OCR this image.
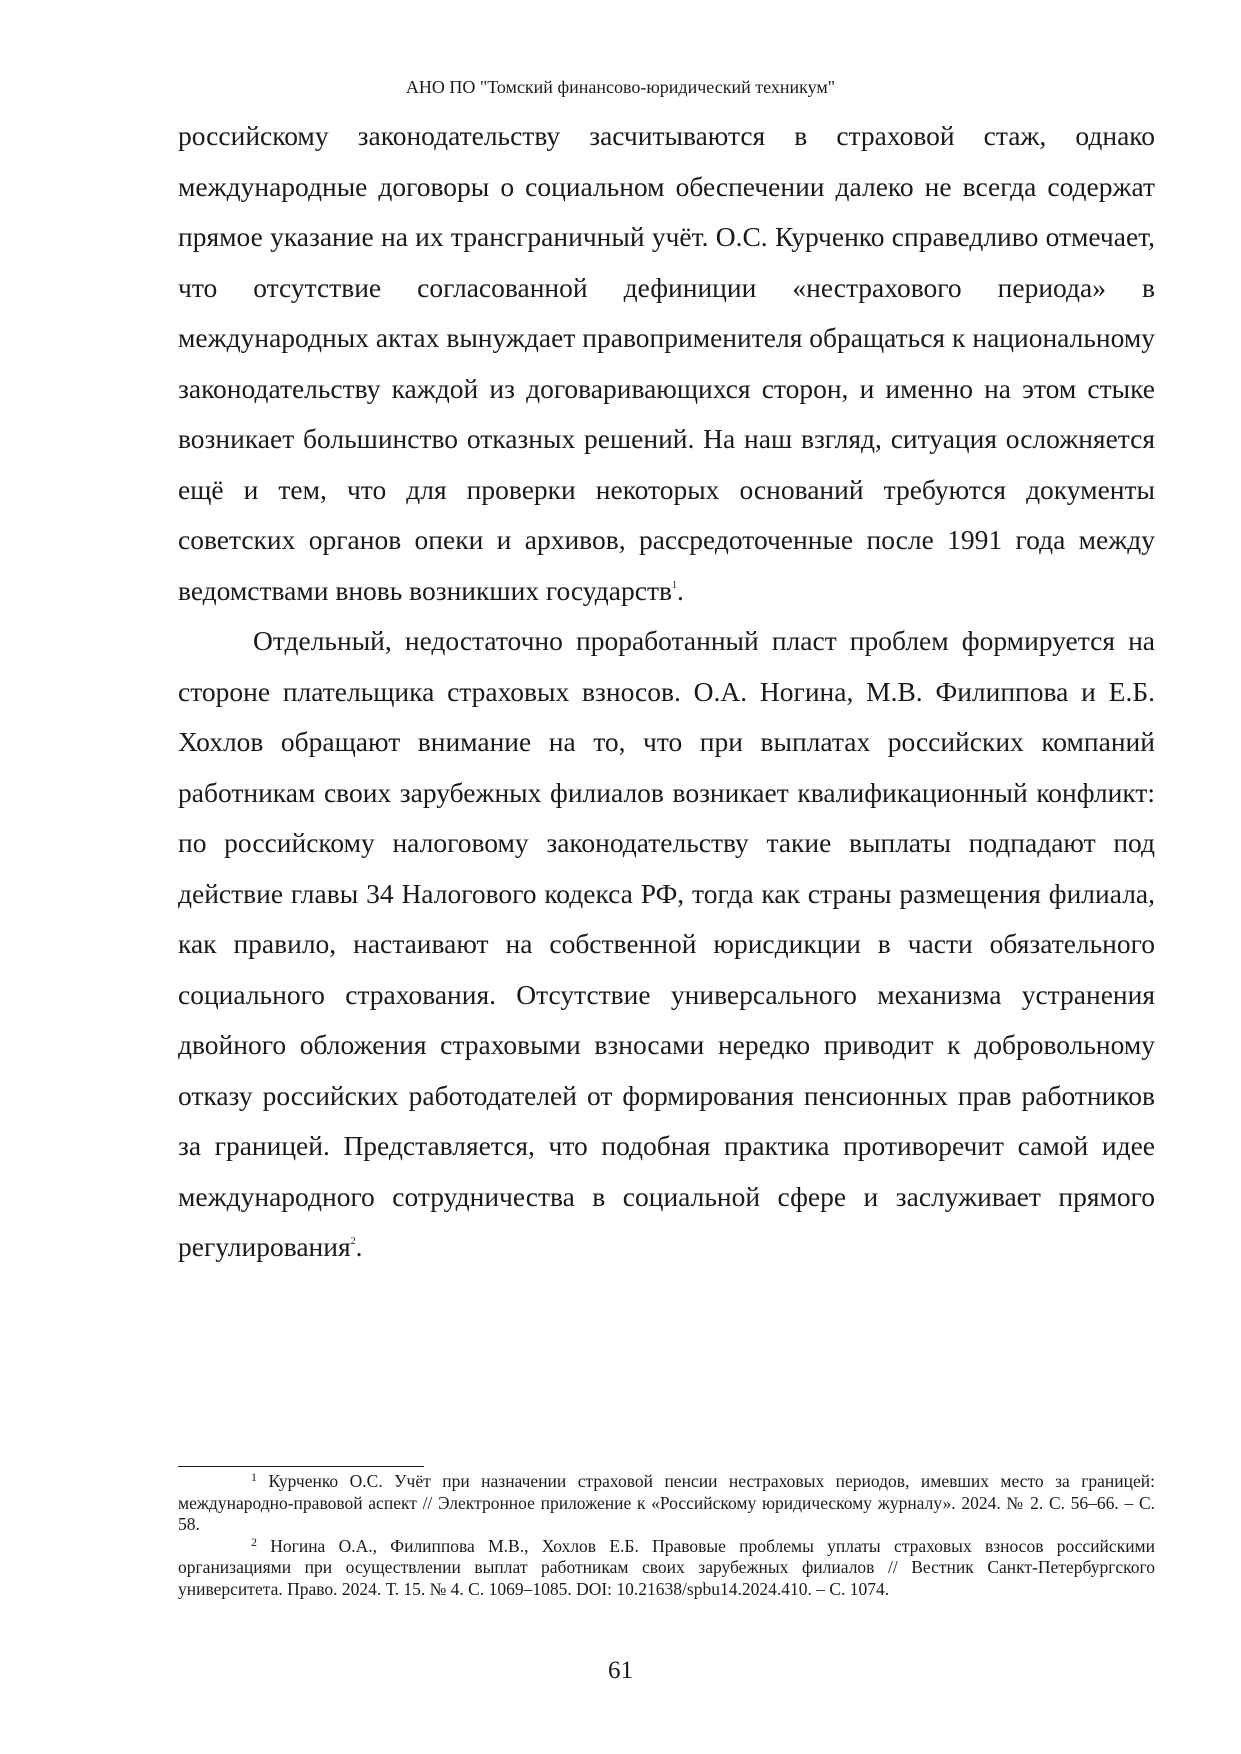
АНО ПО "Томский финансово-юридический техникум"

российскому законодательству засчитываются в страховой стаж, однако международные договоры о социальном обеспечении далеко не всегда содержат прямое указание на их трансграничный учёт. О.С. Курченко справедливо отмечает, что отсутствие согласованной дефиниции «нестрахового периода» в международных актах вынуждает правоприменителя обращаться к национальному законодательству каждой из договаривающихся сторон, и именно на этом стыке возникает большинство отказных решений. На наш взгляд, ситуация осложняется ещё и тем, что для проверки некоторых оснований требуются документы советских органов опеки и архивов, рассредоточенные после 1991 года между ведомствами вновь возникших государств$^1$.

Отдельный, недостаточно проработанный пласт проблем формируется на стороне плательщика страховых взносов. О.А. Ногина, М.В. Филиппова и Е.Б. Хохлов обращают внимание на то, что при выплатах российских компаний работникам своих зарубежных филиалов возникает квалификационный конфликт: по российскому налоговому законодательству такие выплаты подпадают под действие главы 34 Налогового кодекса РФ, тогда как страны размещения филиала, как правило, настаивают на собственной юрисдикции в части обязательного социального страхования. Отсутствие универсального механизма устранения двойного обложения страховыми взносами нередко приводит к добровольному отказу российских работодателей от формирования пенсионных прав работников за границей. Представляется, что подобная практика противоречит самой идее международного сотрудничества в социальной сфере и заслуживает прямого регулирования$^2$.

$^1$ Курченко О.С. Учёт при назначении страховой пенсии нестраховых периодов, имевших место за границей: международно-правовой аспект // Электронное приложение к «Российскому юридическому журналу». 2024. № 2. С. 56–66. – С. 58.

$^2$ Ногина О.А., Филиппова М.В., Хохлов Е.Б. Правовые проблемы уплаты страховых взносов российскими организациями при осуществлении выплат работникам своих зарубежных филиалов // Вестник Санкт-Петербургского университета. Право. 2024. Т. 15. № 4. С. 1069–1085. DOI: 10.21638/spbu14.2024.410. – С. 1074.

61
